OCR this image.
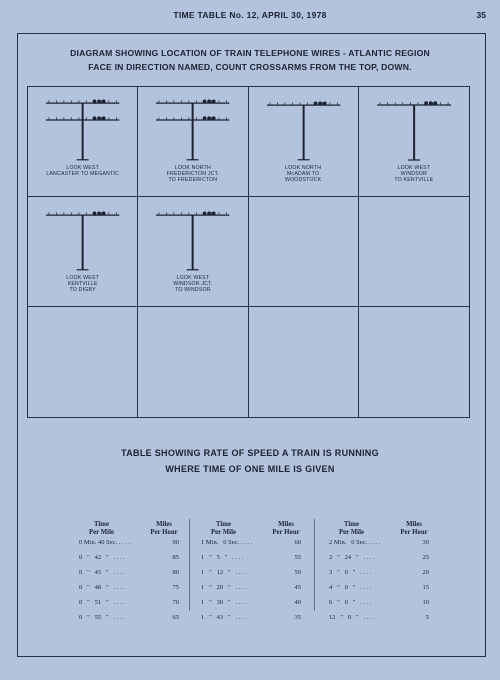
TIME TABLE No. 12, APRIL 30, 1978	35
DIAGRAM SHOWING LOCATION OF TRAIN TELEPHONE WIRES - ATLANTIC REGION
FACE IN DIRECTION NAMED, COUNT CROSSARMS FROM THE TOP, DOWN.
LOOK WEST
LANCASTER TO MEGANTIC
LOOK NORTH
FREDERICTON JCT.
TO FREDERICTON
LOOK NORTH
McADAM TO
WOODSTOCK
LOOK WEST
WINDSOR
TO KENTVILLE
LOOK WEST
KENTVILLE
TO DIGBY
LOOK WEST
WINDSOR JCT.
TO WINDSOR
TABLE SHOWING RATE OF SPEED A TRAIN IS RUNNING
WHERE TIME OF ONE MILE IS GIVEN
Time
Per Mile
Miles
Per Hour
0 Min. 40 Sec. . . . .	90
0   "   42   "   . . . .	85
0   "   45   "   . . . .	80
0   "   48   "   . . . .	75
0   "   51   "   . . . .	70
0   "   55   "   . . . .	65
Time
Per Mile
Miles
Per Hour
1 Min.   0 Sec. . . . .	60
1   "   5   "   . . . .	55
1   "   12   "   . . . .	50
1   "   20   "   . . . .	45
1   "   30   "   . . . .	40
1   "   43   "   . . . .	35
Time
Per Mile
Miles
Per Hour
2 Min.   0 Sec. . . . .	30
2   "   24   "   . . . .	25
3   "   0   "   . . . .	20
4   "   0   "   . . . .	15
6   "   0   "   . . . .	10
12   "   0   "   . . . .	5
